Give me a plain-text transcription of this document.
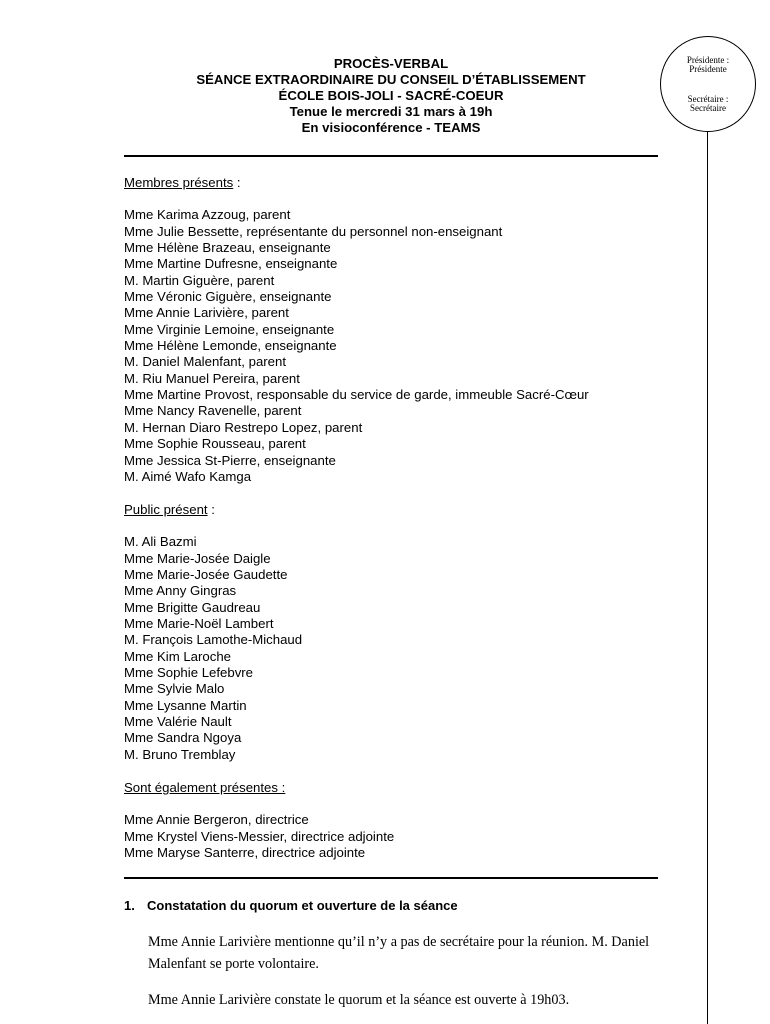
PROCÈS-VERBAL
SÉANCE EXTRAORDINAIRE DU CONSEIL D’ÉTABLISSEMENT
ÉCOLE BOIS-JOLI - SACRÉ-COEUR
Tenue le mercredi 31 mars à 19h
En visioconférence - TEAMS
Présidente :
Présidente
Secrétaire :
Secrétaire
Membres présents :
Mme Karima Azzoug, parent
Mme Julie Bessette, représentante du personnel non-enseignant
Mme Hélène Brazeau, enseignante
Mme Martine Dufresne, enseignante
M. Martin Giguère, parent
Mme Véronic Giguère, enseignante
Mme Annie Larivière, parent
Mme Virginie Lemoine, enseignante
Mme Hélène Lemonde, enseignante
M. Daniel Malenfant, parent
M. Riu Manuel Pereira, parent
Mme Martine Provost, responsable du service de garde, immeuble Sacré-Cœur
Mme Nancy Ravenelle, parent
M. Hernan Diaro Restrepo Lopez, parent
Mme Sophie Rousseau, parent
Mme Jessica St-Pierre, enseignante
M. Aimé Wafo Kamga
Public présent :
M. Ali Bazmi
Mme Marie-Josée Daigle
Mme Marie-Josée Gaudette
Mme Anny Gingras
Mme Brigitte Gaudreau
Mme Marie-Noël Lambert
M. François Lamothe-Michaud
Mme Kim Laroche
Mme Sophie Lefebvre
Mme Sylvie Malo
Mme Lysanne Martin
Mme Valérie Nault
Mme Sandra Ngoya
M. Bruno Tremblay
Sont également présentes :
Mme Annie Bergeron, directrice
Mme Krystel Viens-Messier, directrice adjointe
Mme Maryse Santerre, directrice adjointe
1. Constatation du quorum et ouverture de la séance
Mme Annie Larivière mentionne qu’il n’y a pas de secrétaire pour la réunion. M. Daniel Malenfant se porte volontaire.
Mme Annie Larivière constate le quorum et la séance est ouverte à 19h03.
